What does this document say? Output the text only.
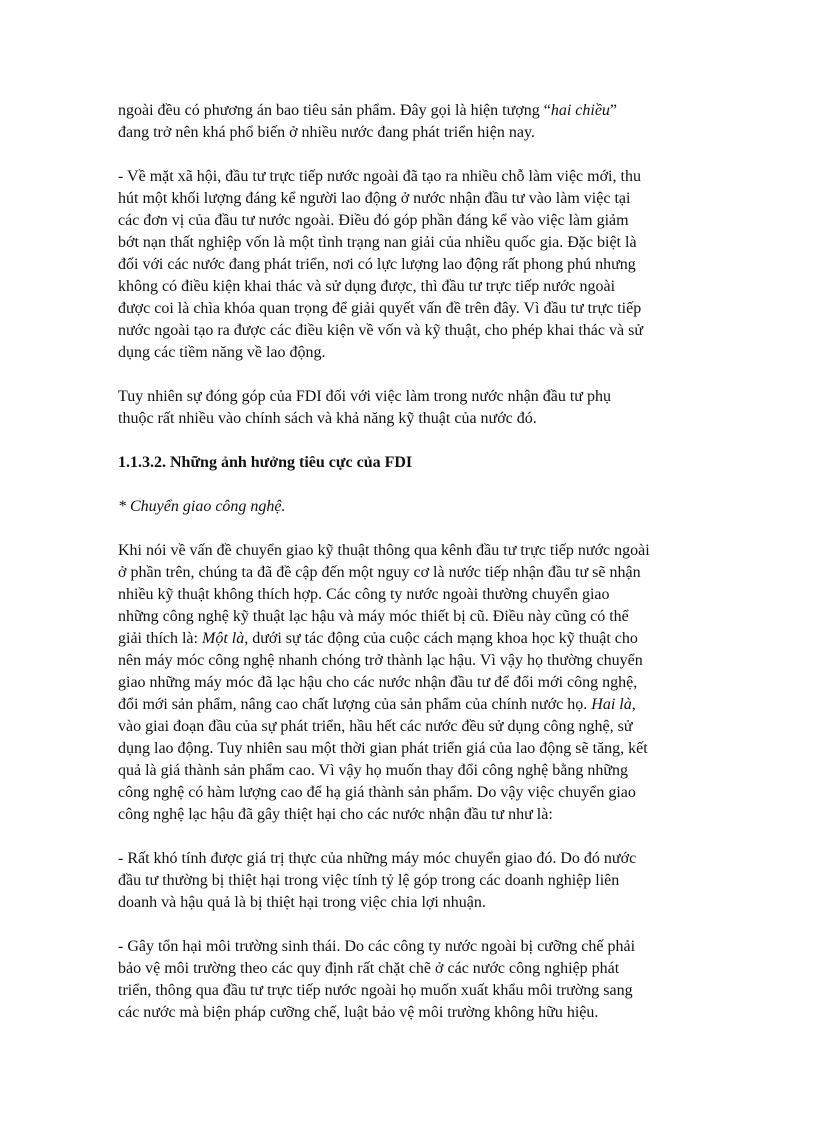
ngoài đều có phương án bao tiêu sản phẩm. Đây gọi là hiện tượng “hai chiều”
đang trở nên khá phổ biến ở nhiều nước đang phát triển hiện nay.

- Về mặt xã hội, đầu tư trực tiếp nước ngoài đã tạo ra nhiều chỗ làm việc mới, thu
hút một khối lượng đáng kể người lao động ở nước nhận đầu tư vào làm việc tại
các đơn vị của đầu tư nước ngoài. Điều đó góp phần đáng kể vào việc làm giảm
bớt nạn thất nghiệp vốn là một tình trạng nan giải của nhiều quốc gia. Đặc biệt là
đối với các nước đang phát triển, nơi có lực lượng lao động rất phong phú nhưng
không có điều kiện khai thác và sử dụng được, thì đầu tư trực tiếp nước ngoài
được coi là chìa khóa quan trọng để giải quyết vấn đề trên đây. Vì đầu tư trực tiếp
nước ngoài tạo ra được các điều kiện về vốn và kỹ thuật, cho phép khai thác và sử
dụng các tiềm năng về lao động.

Tuy nhiên sự đóng góp của FDI đối với việc làm trong nước nhận đầu tư phụ
thuộc rất nhiều vào chính sách và khả năng kỹ thuật của nước đó.

1.1.3.2. Những ảnh hưởng tiêu cực của FDI

* Chuyển giao công nghệ.

Khi nói về vấn đề chuyển giao kỹ thuật thông qua kênh đầu tư trực tiếp nước ngoài
ở phần trên, chúng ta đã đề cập đến một nguy cơ là nước tiếp nhận đầu tư sẽ nhận
nhiều kỹ thuật không thích hợp. Các công ty nước ngoài thường chuyển giao
những công nghệ kỹ thuật lạc hậu và máy móc thiết bị cũ. Điều này cũng có thể
giải thích là: Một là, dưới sự tác động của cuộc cách mạng khoa học kỹ thuật cho
nên máy móc công nghệ nhanh chóng trở thành lạc hậu. Vì vậy họ thường chuyển
giao những máy móc đã lạc hậu cho các nước nhận đầu tư để đổi mới công nghệ,
đổi mới sản phẩm, nâng cao chất lượng của sản phẩm của chính nước họ. Hai là,
vào giai đoạn đầu của sự phát triển, hầu hết các nước đều sử dụng công nghệ, sử
dụng lao động. Tuy nhiên sau một thời gian phát triển giá của lao động sẽ tăng, kết
quả là giá thành sản phẩm cao. Vì vậy họ muốn thay đổi công nghệ bằng những
công nghệ có hàm lượng cao để hạ giá thành sản phẩm. Do vậy việc chuyển giao
công nghệ lạc hậu đã gây thiệt hại cho các nước nhận đầu tư như là:

- Rất khó tính được giá trị thực của những máy móc chuyển giao đó. Do đó nước
đầu tư thường bị thiệt hại trong việc tính tỷ lệ góp trong các doanh nghiệp liên
doanh và hậu quả là bị thiệt hại trong việc chia lợi nhuận.

- Gây tổn hại môi trường sinh thái. Do các công ty nước ngoài bị cưỡng chế phải
bảo vệ môi trường theo các quy định rất chặt chẽ ở các nước công nghiệp phát
triển, thông qua đầu tư trực tiếp nước ngoài họ muốn xuất khẩu môi trường sang
các nước mà biện pháp cưỡng chế, luật bảo vệ môi trường không hữu hiệu.
